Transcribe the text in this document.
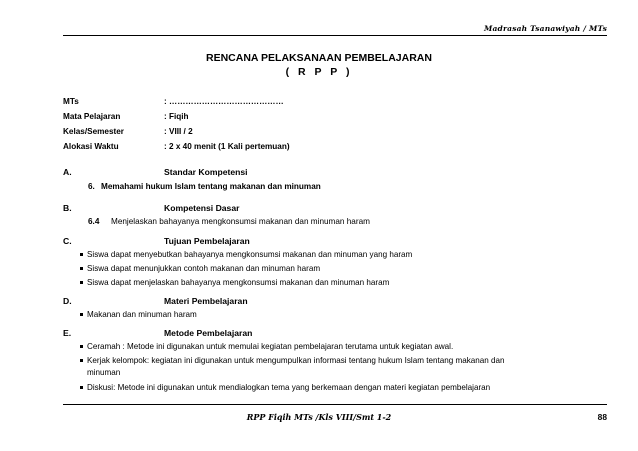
Madrasah Tsanawiyah / MTs
RENCANA PELAKSANAAN PEMBELAJARAN
( R P P )
MTs	: ……………………………………
Mata Pelajaran	: Fiqih
Kelas/Semester	: VIII / 2
Alokasi Waktu	: 2 x 40 menit (1 Kali pertemuan)
A.	Standar Kompetensi
6. Memahami hukum Islam tentang makanan dan minuman
B.	Kompetensi Dasar
6.4 Menjelaskan bahayanya mengkonsumsi makanan dan minuman haram
C.	Tujuan Pembelajaran
Siswa dapat menyebutkan bahayanya mengkonsumsi makanan dan minuman yang haram
Siswa dapat menunjukkan contoh makanan dan minuman haram
Siswa dapat menjelaskan bahayanya mengkonsumsi makanan dan minuman haram
D.	Materi Pembelajaran
Makanan dan minuman haram
E.	Metode Pembelajaran
Ceramah : Metode ini digunakan untuk memulai kegiatan pembelajaran terutama untuk kegiatan awal.
Kerjak kelompok: kegiatan ini digunakan untuk mengumpulkan informasi tentang hukum Islam tentang makanan dan
minuman
Diskusi: Metode ini digunakan untuk mendialogkan tema yang berkemaan dengan materi kegiatan pembelajaran
RPP Fiqih MTs /Kls VIII/Smt 1-2	88
